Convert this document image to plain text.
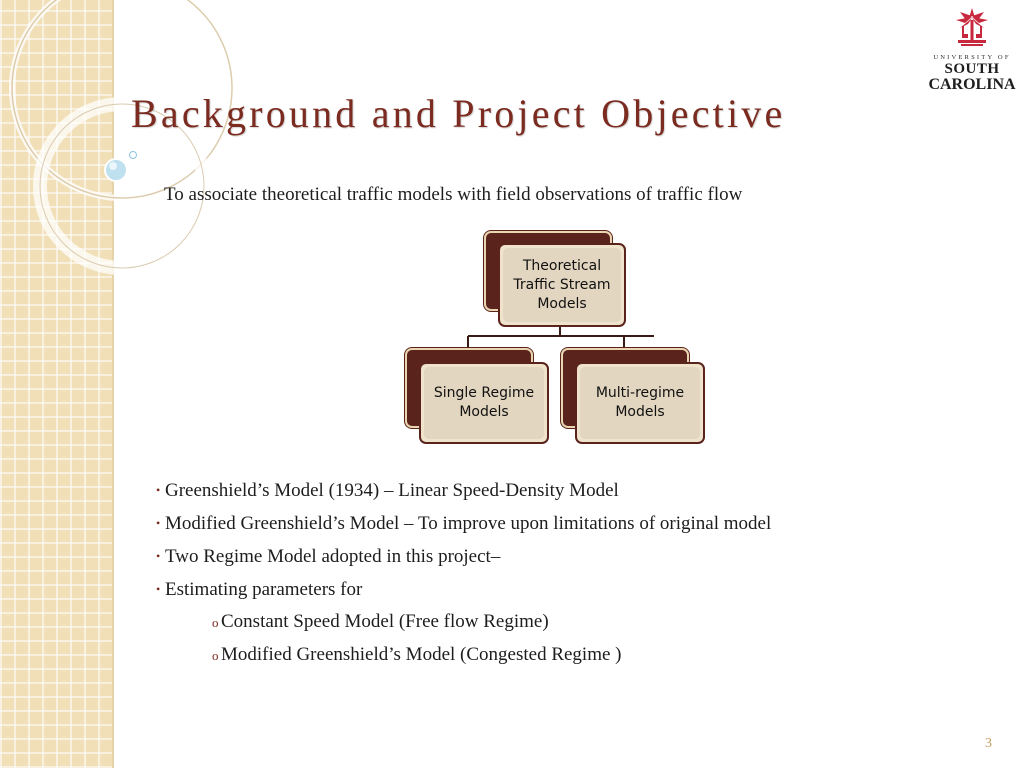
UNIVERSITY OF
SOUTH
CAROLINA
Background and Project Objective
To associate theoretical traffic models with field observations of traffic flow
Theoretical
Traffic Stream
Models
Single Regime
Models
Multi-regime
Models
• Greenshield’s Model (1934) – Linear Speed-Density Model
• Modified Greenshield’s Model – To improve upon limitations of original model
• Two Regime Model adopted in this project–
• Estimating parameters for
o Constant Speed Model (Free flow Regime)
o Modified Greenshield’s Model (Congested Regime )
3
